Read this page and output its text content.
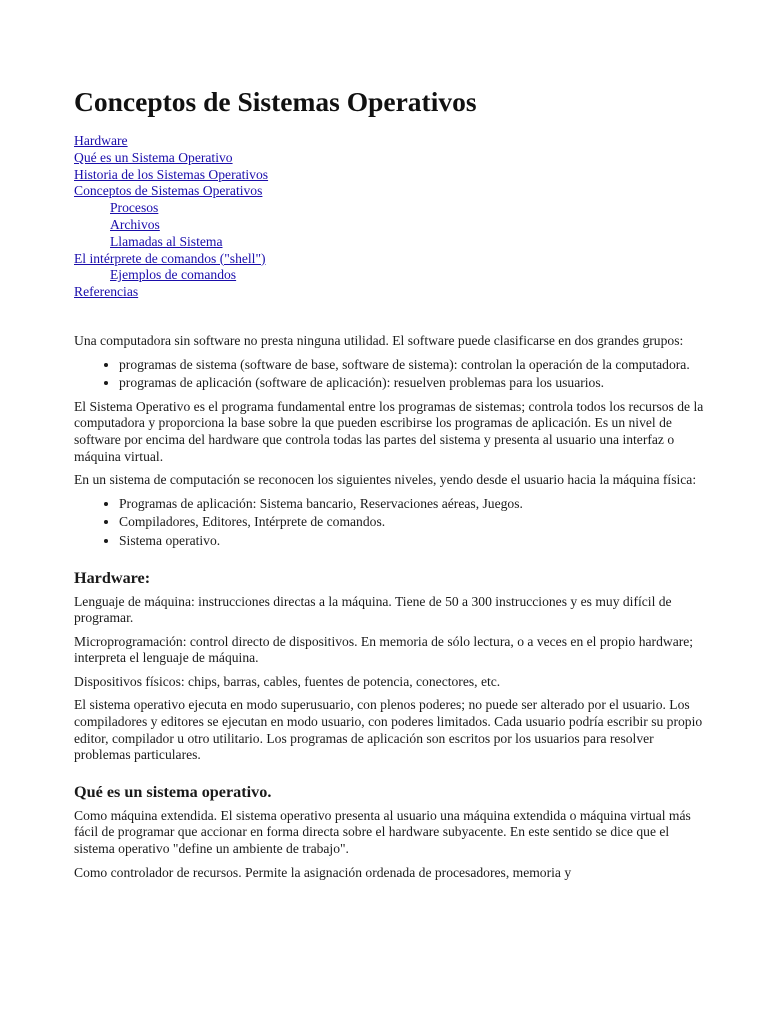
Conceptos de Sistemas Operativos
Hardware
Qué es un Sistema Operativo
Historia de los Sistemas Operativos
Conceptos de Sistemas Operativos
Procesos
Archivos
Llamadas al Sistema
El intérprete de comandos ("shell")
Ejemplos de comandos
Referencias

Una computadora sin software no presta ninguna utilidad. El software puede clasificarse en dos grandes grupos:

• programas de sistema (software de base, software de sistema): controlan la operación de la computadora.
• programas de aplicación (software de aplicación): resuelven problemas para los usuarios.

El Sistema Operativo es el programa fundamental entre los programas de sistemas; controla todos los recursos de la computadora y proporciona la base sobre la que pueden escribirse los programas de aplicación. Es un nivel de software por encima del hardware que controla todas las partes del sistema y presenta al usuario una interfaz o máquina virtual.

En un sistema de computación se reconocen los siguientes niveles, yendo desde el usuario hacia la máquina física:

• Programas de aplicación: Sistema bancario, Reservaciones aéreas, Juegos.
• Compiladores, Editores, Intérprete de comandos.
• Sistema operativo.
Hardware:

Lenguaje de máquina: instrucciones directas a la máquina. Tiene de 50 a 300 instrucciones y es muy difícil de programar.

Microprogramación: control directo de dispositivos. En memoria de sólo lectura, o a veces en el propio hardware; interpreta el lenguaje de máquina.

Dispositivos físicos: chips, barras, cables, fuentes de potencia, conectores, etc.

El sistema operativo ejecuta en modo superusuario, con plenos poderes; no puede ser alterado por el usuario. Los compiladores y editores se ejecutan en modo usuario, con poderes limitados. Cada usuario podría escribir su propio editor, compilador u otro utilitario. Los programas de aplicación son escritos por los usuarios para resolver problemas particulares.

Qué es un sistema operativo.

Como máquina extendida. El sistema operativo presenta al usuario una máquina extendida o máquina virtual más fácil de programar que accionar en forma directa sobre el hardware subyacente. En este sentido se dice que el sistema operativo "define un ambiente de trabajo".

Como controlador de recursos. Permite la asignación ordenada de procesadores, memoria y
